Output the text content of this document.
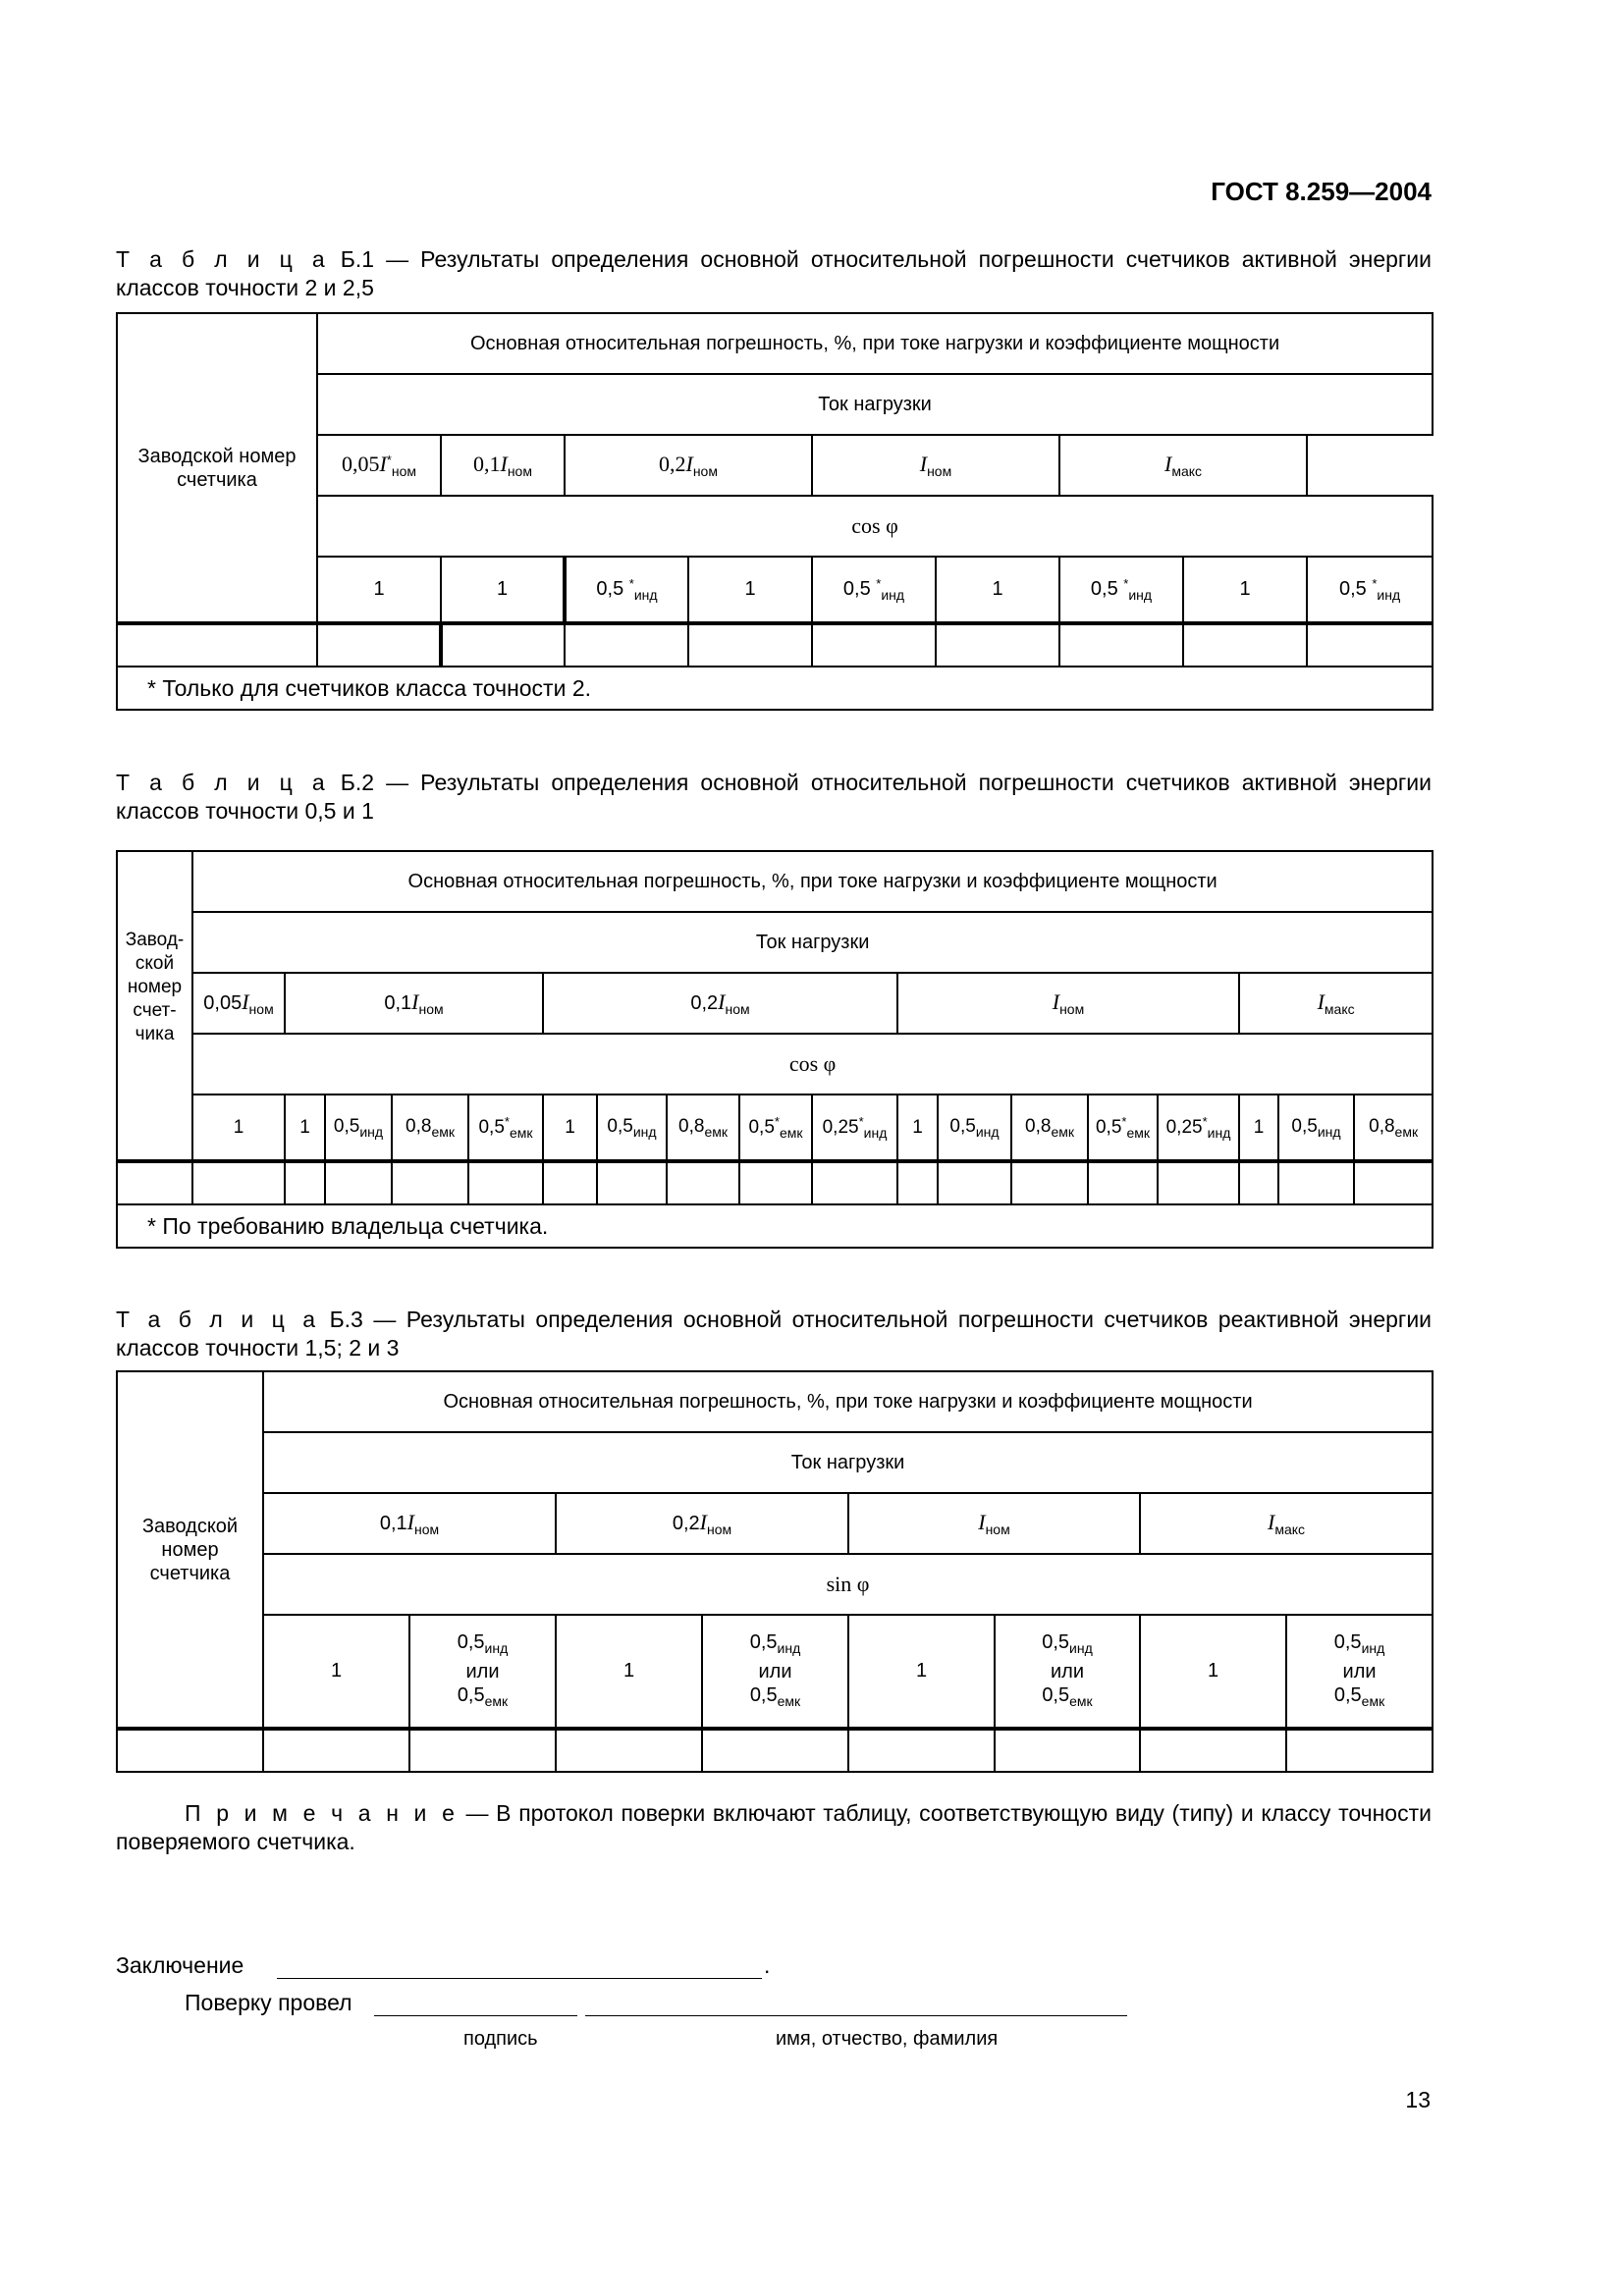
ГОСТ 8.259—2004
Т а б л и ц а Б.1 — Результаты определения основной относительной погрешности счетчиков активной энергии классов точности 2 и 2,5
Заводской номер счетчика	Основная относительная погрешность, %, при токе нагрузки и коэффициенте мощности								
	Ток нагрузки								
	$0,05I^*_{ном}$	$0,1I_{ном}$	$0,2I_{ном}$		$I_{ном}$		$I_{макс}$
	cos φ								
	1	1	0,5 *$_{инд}$	1	0,5 *$_{инд}$	1	0,5 *$_{инд}$	1	0,5 *$_{инд}$

* Только для счетчиков класса точности 2.									
Т а б л и ц а Б.2 — Результаты определения основной относительной погрешности счетчиков активной энергии классов точности 0,5 и 1
Завод-ской номер счет-чика	Основная относительная погрешность, %, при токе нагрузки и коэффициенте мощности																	
	Ток нагрузки																	
	$0,05I_{ном}$	$0,1I_{ном}$				$0,2I_{ном}$					$I_{ном}$					$I_{макс}$
	cos φ																	
	1	1	$0,5_{инд}$	$0,8_{емк}$	$0,5^*_{емк}$	1	$0,5_{инд}$	$0,8_{емк}$	$0,5^*_{емк}$	$0,25^*_{инд}$	1	$0,5_{инд}$	$0,8_{емк}$	$0,5^*_{емк}$	$0,25^*_{инд}$	1	$0,5_{инд}$	$0,8_{емк}$

* По требованию владельца счетчика.																		
Т а б л и ц а Б.3 — Результаты определения основной относительной погрешности счетчиков реактивной энергии классов точности 1,5; 2 и 3
Заводской номер счетчика	Основная относительная погрешность, %, при токе нагрузки и коэффициенте мощности							
	Ток нагрузки							
	$0,1I_{ном}$		$0,2I_{ном}$		$I_{ном}$		$I_{макс}$
	sin φ							
	1	$0,5_{инд}$
или
$0,5_{емк}$	1	$0,5_{инд}$
или
$0,5_{емк}$	1	$0,5_{инд}$
или
$0,5_{емк}$	1	$0,5_{инд}$
или
$0,5_{емк}$

П р и м е ч а н и е — В протокол поверки включают таблицу, соответствующую виду (типу) и классу точности поверяемого счетчика.
Заключение	.
Поверку провел
подпись	имя, отчество, фамилия
13
